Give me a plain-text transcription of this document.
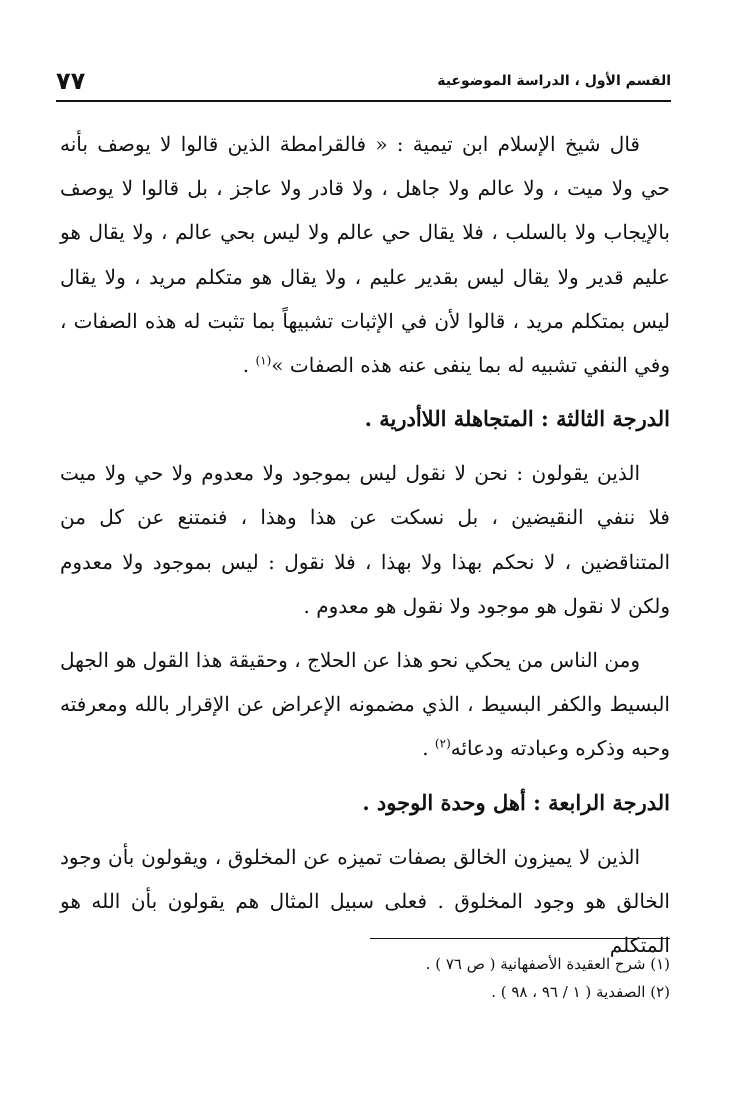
٧٧	القسم الأول ، الدراسة الموضوعية

قال شيخ الإسلام ابن تيمية : « فالقرامطة الذين قالوا لا يوصف بأنه حي ولا ميت ، ولا عالم ولا جاهل ، ولا قادر ولا عاجز ، بل قالوا لا يوصف بالإيجاب ولا بالسلب ، فلا يقال حي عالم ولا ليس بحي عالم ، ولا يقال هو عليم قدير ولا يقال ليس بقدير عليم ، ولا يقال هو متكلم مريد ، ولا يقال ليس بمتكلم مريد ، قالوا لأن في الإثبات تشبيهاً بما تثبت له هذه الصفات ، وفي النفي تشبيه له بما ينفى عنه هذه الصفات »$^{(١)}$ .

الدرجة الثالثة : المتجاهلة اللاأدرية .

الذين يقولون : نحن لا نقول ليس بموجود ولا معدوم ولا حي ولا ميت فلا ننفي النقيضين ، بل نسكت عن هذا وهذا ، فنمتنع عن كل من المتناقضين ، لا نحكم بهذا ولا بهذا ، فلا نقول : ليس بموجود ولا معدوم ولكن لا نقول هو موجود ولا نقول هو معدوم .

ومن الناس من يحكي نحو هذا عن الحلاج ، وحقيقة هذا القول هو الجهل البسيط والكفر البسيط ، الذي مضمونه الإعراض عن الإقرار بالله ومعرفته وحبه وذكره وعبادته ودعائه$^{(٢)}$ .

الدرجة الرابعة : أهل وحدة الوجود .

الذين لا يميزون الخالق بصفات تميزه عن المخلوق ، ويقولون بأن وجود الخالق هو وجود المخلوق . فعلى سبيل المثال هم يقولون بأن الله هو المتكلم

(١) شرح العقيدة الأصفهانية ( ص ٧٦ ) .

(٢) الصفدية ( ١ / ٩٦ ، ٩٨ ) .
